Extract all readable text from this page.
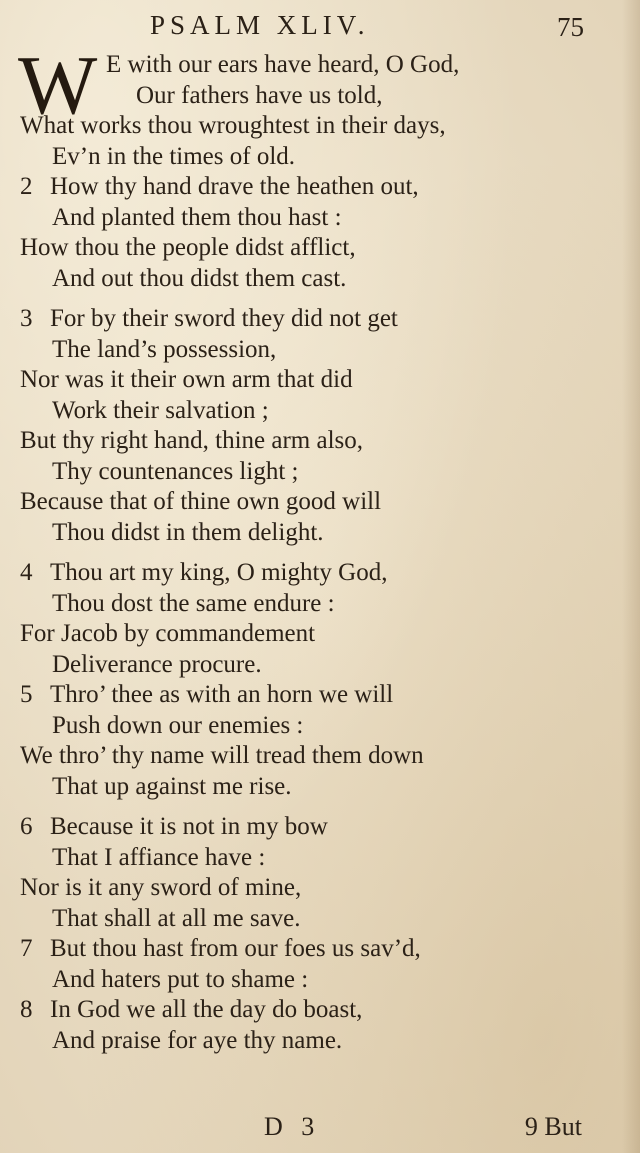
PSALM XLIV.	75
W E with our ears have heard, O God,
Our fathers have us told,
What works thou wroughtest in their days,
Ev’n in the times of old.
2 How thy hand drave the heathen out,
And planted them thou hast :
How thou the people didst afflict,
And out thou didst them cast.
3 For by their sword they did not get
The land’s possession,
Nor was it their own arm that did
Work their salvation ;
But thy right hand, thine arm also,
Thy countenances light ;
Because that of thine own good will
Thou didst in them delight.
4 Thou art my king, O mighty God,
Thou dost the same endure :
For Jacob by commandement
Deliverance procure.
5 Thro’ thee as with an horn we will
Push down our enemies :
We thro’ thy name will tread them down
That up against me rise.
6 Because it is not in my bow
That I affiance have :
Nor is it any sword of mine,
That shall at all me save.
7 But thou hast from our foes us sav’d,
And haters put to shame :
8 In God we all the day do boast,
And praise for aye thy name.
D 3	9 But
